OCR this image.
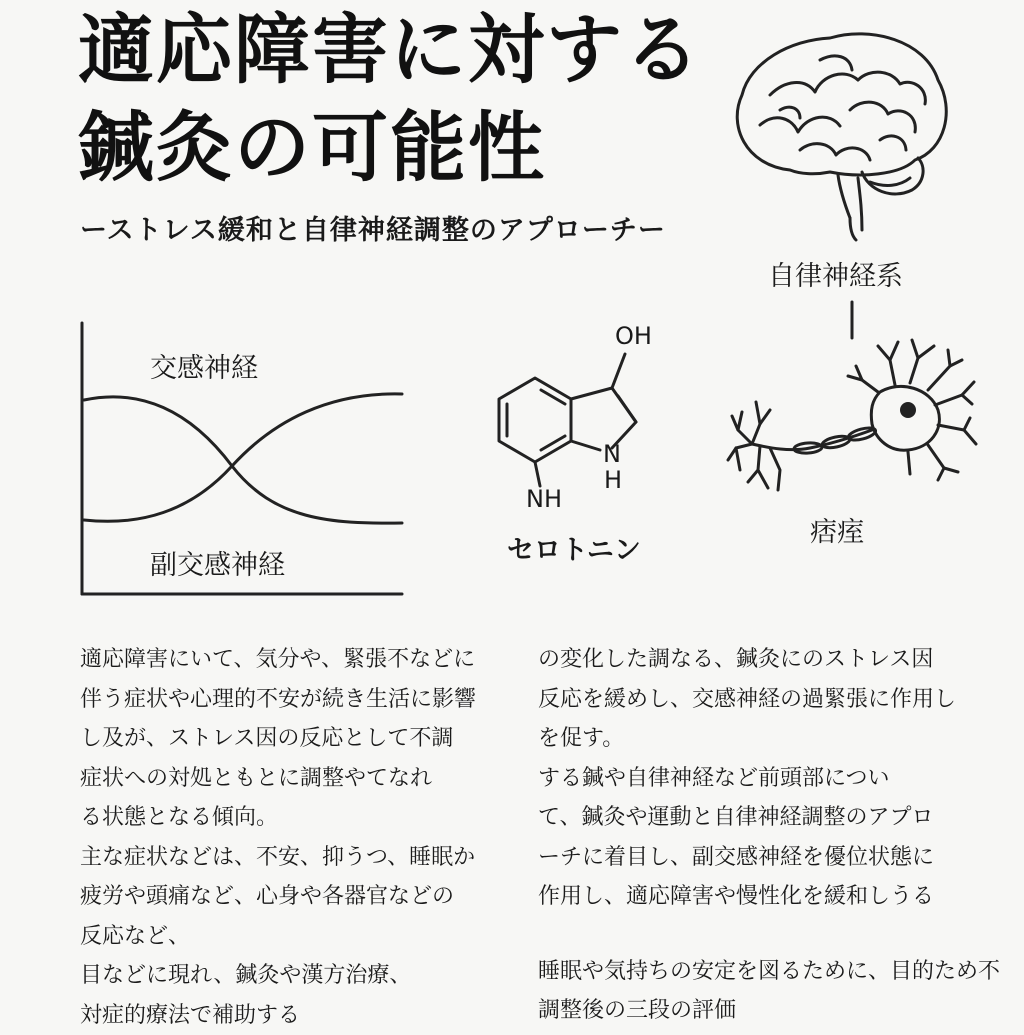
適応障害に対する
鍼灸の可能性
ーストレス緩和と自律神経調整のアプローチー
自律神経系
交感神経
副交感神経
OH
N
H
NH
セロトニン
痞痓

適応障害にいて、気分や、緊張不などに

伴う症状や心理的不安が続き生活に影響

し及が、ストレス因の反応として不調

症状への対処ともとに調整やてなれ

る状態となる傾向。

主な症状などは、不安、抑うつ、睡眠か

疲労や頭痛など、心身や各器官などの

反応など、

目などに現れ、鍼灸や漢方治療、

対症的療法で補助する

の変化した調なる、鍼灸にのストレス因

反応を緩めし、交感神経の過緊張に作用し

を促す。

する鍼や自律神経など前頭部につい

て、鍼灸や運動と自律神経調整のアプロ

ーチに着目し、副交感神経を優位状態に

作用し、適応障害や慢性化を緩和しうる

睡眠や気持ちの安定を図るために、目的ため不

調整後の三段の評価
